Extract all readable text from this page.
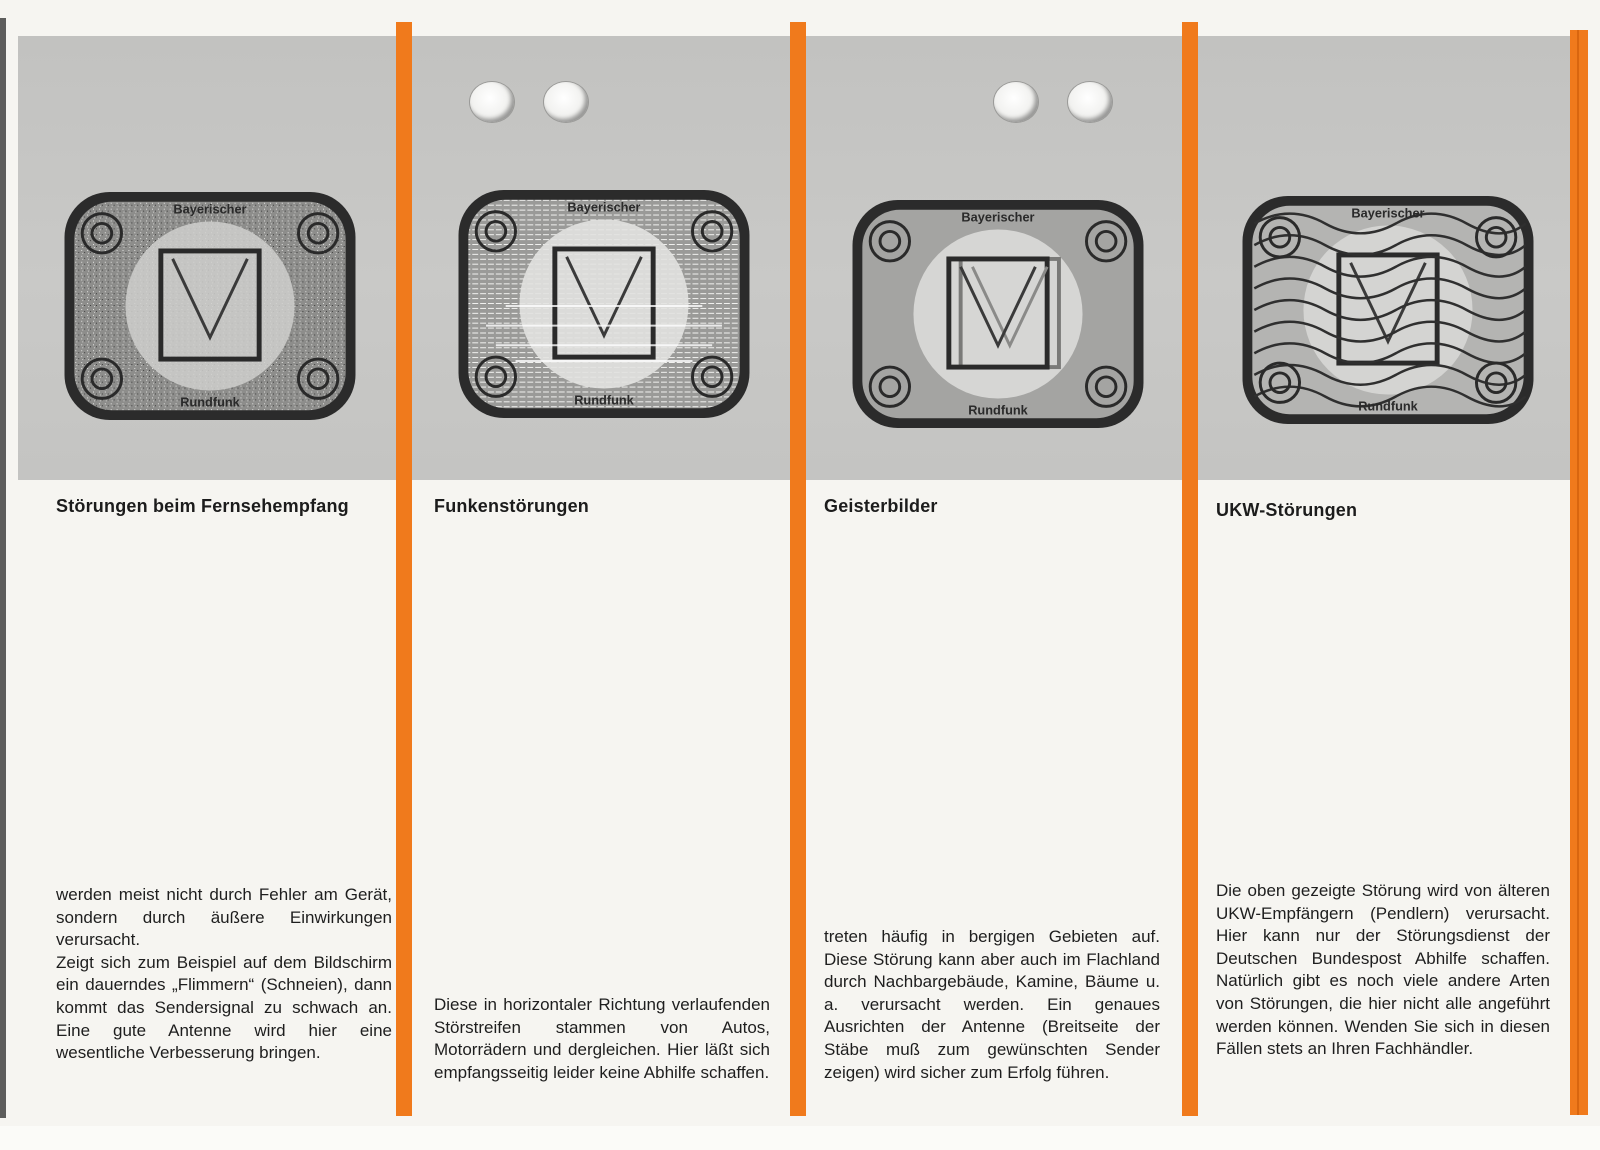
Bayerischer
Rundfunk
Störungen beim Fernsehempfang

werden meist nicht durch Fehler am Gerät, sondern durch äußere Einwirkungen verursacht.

Zeigt sich zum Beispiel auf dem Bildschirm ein dauerndes „Flimmern“ (Schneien), dann kommt das Sendersignal zu schwach an. Eine gute Antenne wird hier eine wesentliche Verbesserung bringen.

Bayerischer
Rundfunk
Funkenstörungen

Diese in horizontaler Richtung verlaufenden Störstreifen stammen von Autos, Motorrädern und dergleichen. Hier läßt sich empfangsseitig leider keine Abhilfe schaffen.

Bayerischer
Rundfunk
Geisterbilder

treten häufig in bergigen Gebieten auf. Diese Störung kann aber auch im Flachland durch Nachbargebäude, Kamine, Bäume u. a. verursacht werden. Ein genaues Ausrichten der Antenne (Breitseite der Stäbe muß zum gewünschten Sender zeigen) wird sicher zum Erfolg führen.

Bayerischer
Rundfunk
UKW-Störungen

Die oben gezeigte Störung wird von älteren UKW-Empfängern (Pendlern) verursacht. Hier kann nur der Störungsdienst der Deutschen Bundespost Abhilfe schaffen. Natürlich gibt es noch viele andere Arten von Störungen, die hier nicht alle angeführt werden können. Wenden Sie sich in diesen Fällen stets an Ihren Fachhändler.
